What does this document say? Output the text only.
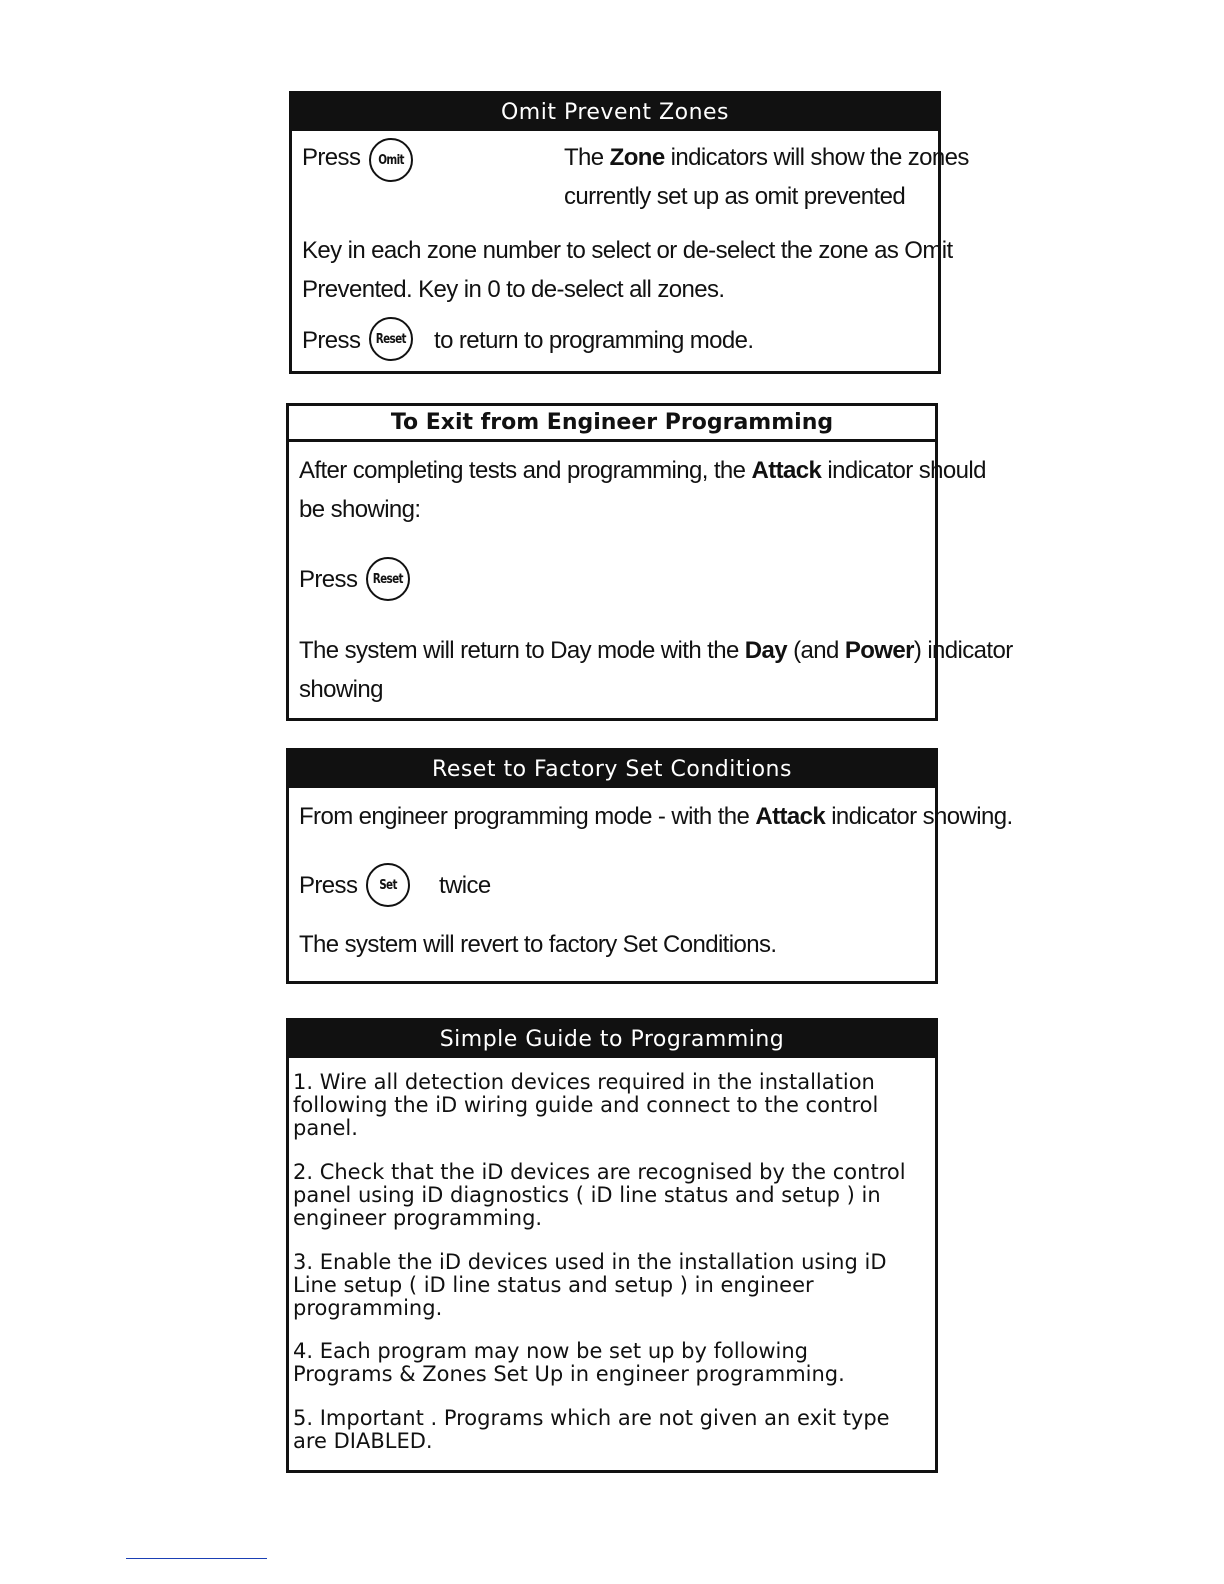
Omit Prevent Zones
Press Omit	The Zone indicators will show the zones
currently set up as omit prevented
Key in each zone number to select or de-select the zone as Omit
Prevented. Key in 0 to de-select all zones.
Press Reset to return to programming mode.
To Exit from Engineer Programming
After completing tests and programming, the Attack indicator should
be showing:
Press Reset
The system will return to Day mode with the Day (and Power) indicator
showing
Reset to Factory Set Conditions
From engineer programming mode - with the Attack indicator showing.
Press Set twice
The system will revert to factory Set Conditions.
Simple Guide to Programming
1. Wire all detection devices required in the installation
following the iD wiring guide and connect to the control
panel.
2. Check that the iD devices are recognised by the control
panel using iD diagnostics ( iD line status and setup ) in
engineer programming.
3. Enable the iD devices used in the installation using iD
Line setup ( iD line status and setup ) in engineer
programming.
4. Each program may now be set up by following
Programs & Zones Set Up in engineer programming.
5. Important . Programs which are not given an exit type
are DIABLED.
